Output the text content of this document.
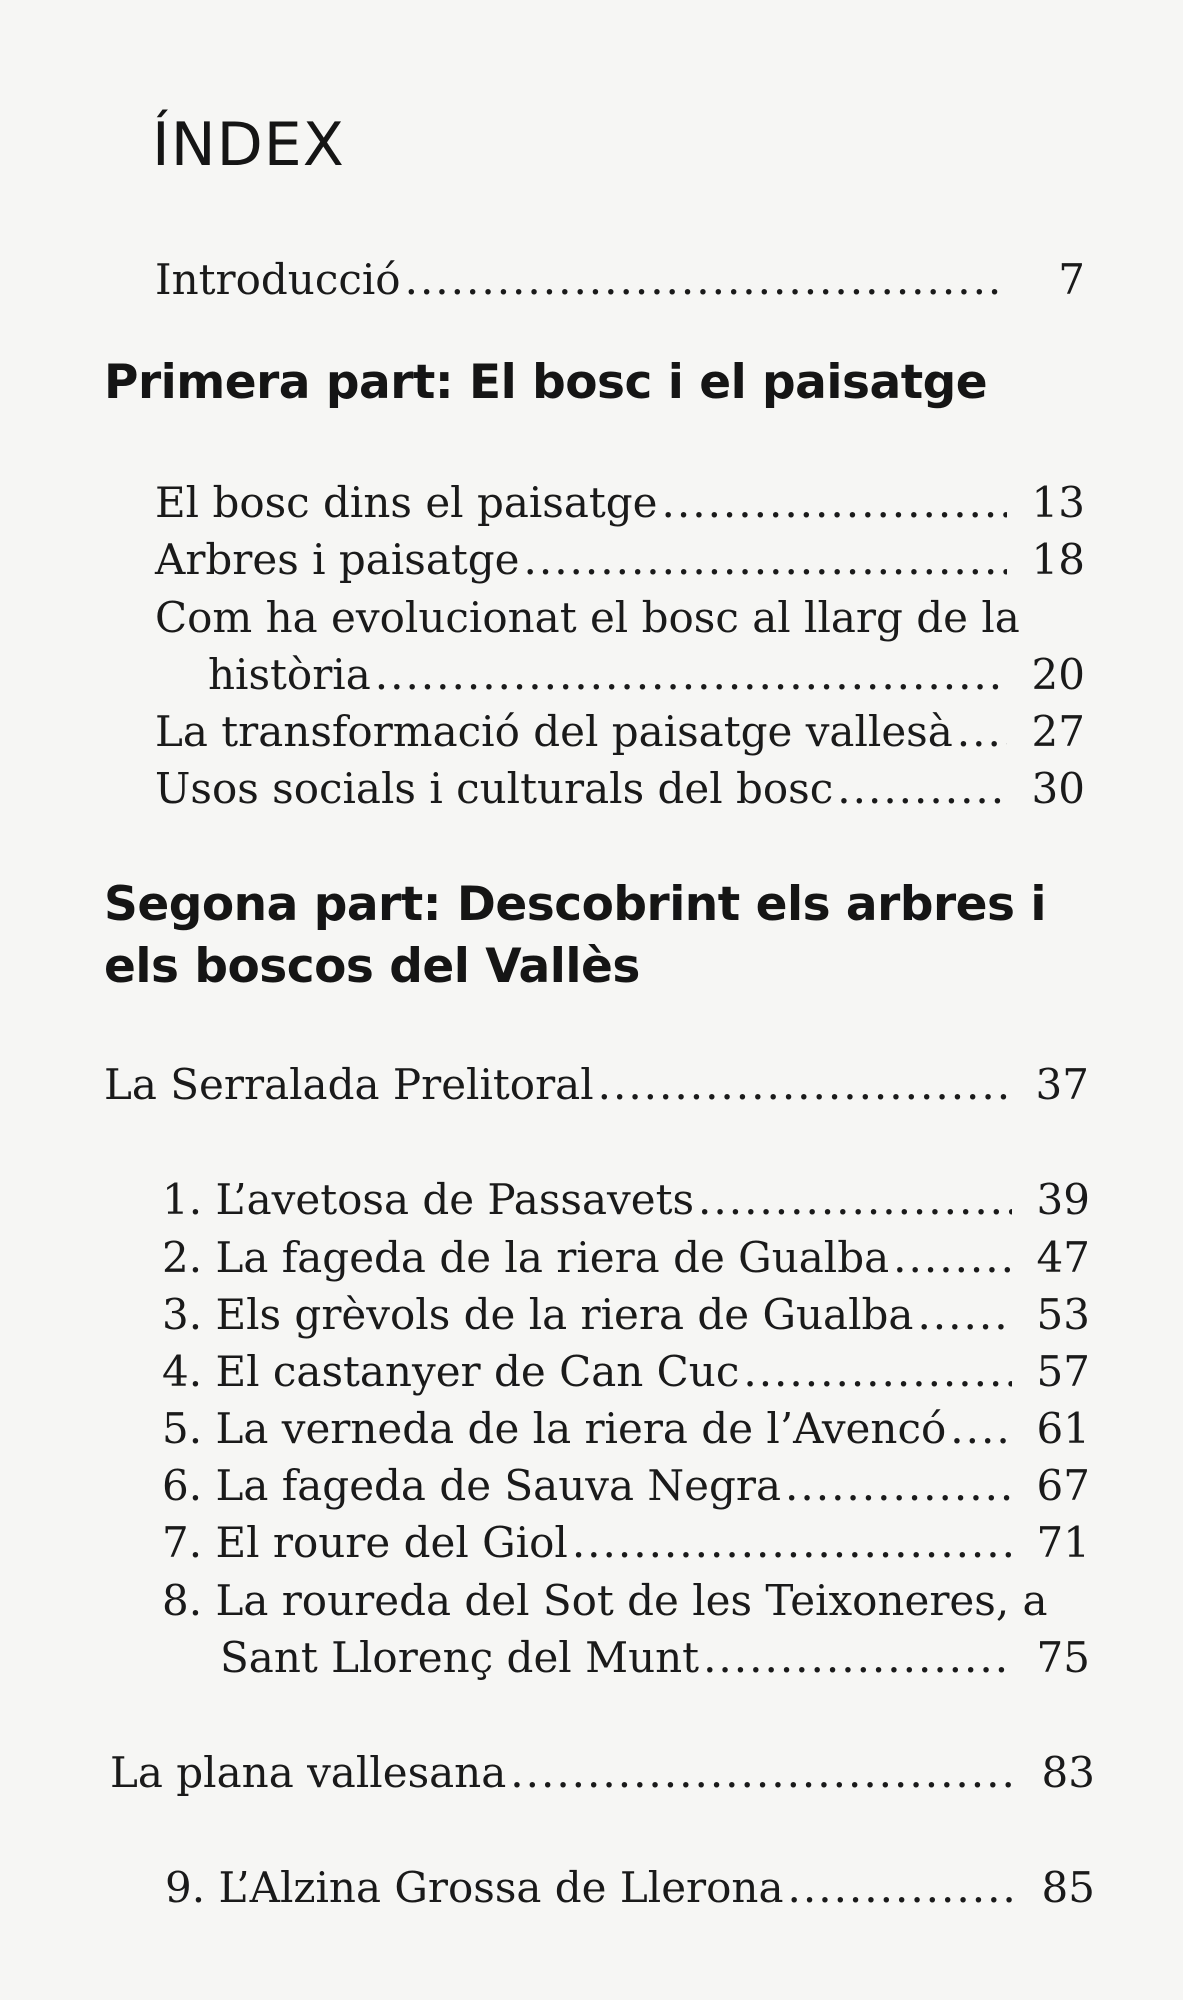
ÍNDEX
Introducció .....	7
Primera part: El bosc i el paisatge
El bosc dins el paisatge .....	13
Arbres i paisatge .....	18
Com ha evolucionat el bosc al llarg de la
història .....	20
La transformació del paisatge vallesà .....	27
Usos socials i culturals del bosc .....	30
Segona part: Descobrint els arbres i els boscos del Vallès
La Serralada Prelitoral .....	37
1. L’avetosa de Passavets .....	39
2. La fageda de la riera de Gualba .....	47
3. Els grèvols de la riera de Gualba .....	53
4. El castanyer de Can Cuc .....	57
5. La verneda de la riera de l’Avencó .....	61
6. La fageda de Sauva Negra .....	67
7. El roure del Giol .....	71
8. La roureda del Sot de les Teixoneres, a
Sant Llorenç del Munt .....	75
La plana vallesana .....	83
9. L’Alzina Grossa de Llerona .....	85
